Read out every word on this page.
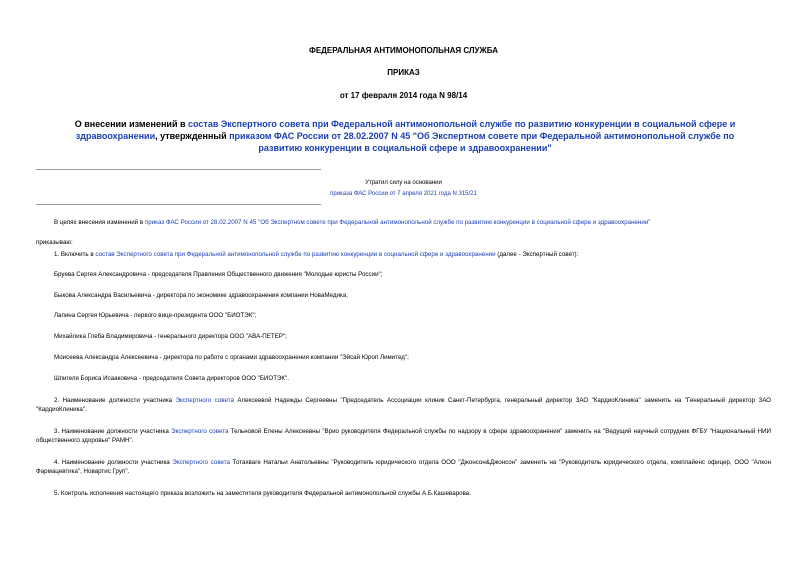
ФЕДЕРАЛЬНАЯ АНТИМОНОПОЛЬНАЯ СЛУЖБА
ПРИКАЗ
от 17 февраля 2014 года N 98/14
О внесении изменений в состав Экспертного совета при Федеральной антимонопольной службе по развитию конкуренции в социальной сфере и здравоохранении, утвержденный приказом ФАС России от 28.02.2007 N 45 "Об Экспертном совете при Федеральной антимонопольной службе по развитию конкуренции в социальной сфере и здравоохранении"
Утратил силу на основании
приказа ФАС России от 7 апреля 2021 года N 315/21
В целях внесения изменений в приказ ФАС России от 28.02.2007 N 45 "Об Экспертном совете при Федеральной антимонопольной службе по развитию конкуренции в социальной сфере и здравоохранении"
приказываю:
1. Включить в состав Экспертного совета при Федеральной антимонопольной службе по развитию конкуренции в социальной сфере и здравоохранении (далее - Экспертный совет):
Бруева Сергея Александровича - председателя Правления Общественного движения "Молодые юристы России";
Быкова Александра Васильевича - директора по экономике здравоохранения компании НоваМедика;
Лапина Сергея Юрьевича - первого вице-президента ООО "БИОТЭК";
Михайлика Глеба Владимировича - генерального директора ООО "АВА-ПЕТЕР";
Моисеева Александра Алексеевича - директора по работе с органами здравоохранения компании "Эйсай Юроп Лимитед";
Шпигеля Бориса Исааковича - председателя Совета директоров ООО "БИОТЭК".
2. Наименование должности участника Экспертного совета Алексеевой Надежды Сергеевны "Председатель Ассоциации клиник Санкт-Петербурга, генеральный директор ЗАО "КардиоКлиника" заменить на "Генеральный директор ЗАО "КардиоКлиника".
3. Наименование должности участника Экспертного совета Тельновой Елены Алексеевны "Врио руководителя Федеральной службы по надзору в сфере здравоохранения" заменить на "Ведущий научный сотрудник ФГБУ "Национальный НИИ общественного здоровья" РАМН".
4. Наименование должности участника Экспертного совета Тотахваге Натальи Анатольевны "Руководитель юридического отдела ООО "Джонсон&Джонсон" заменить на "Руководитель юридического отдела, комплайенс офицер, ООО "Алкон Фармацевтика", Новартис Груп".
5. Контроль исполнения настоящего приказа возложить на заместителя руководителя Федеральной антимонопольной службы А.Б.Кашеварова.
